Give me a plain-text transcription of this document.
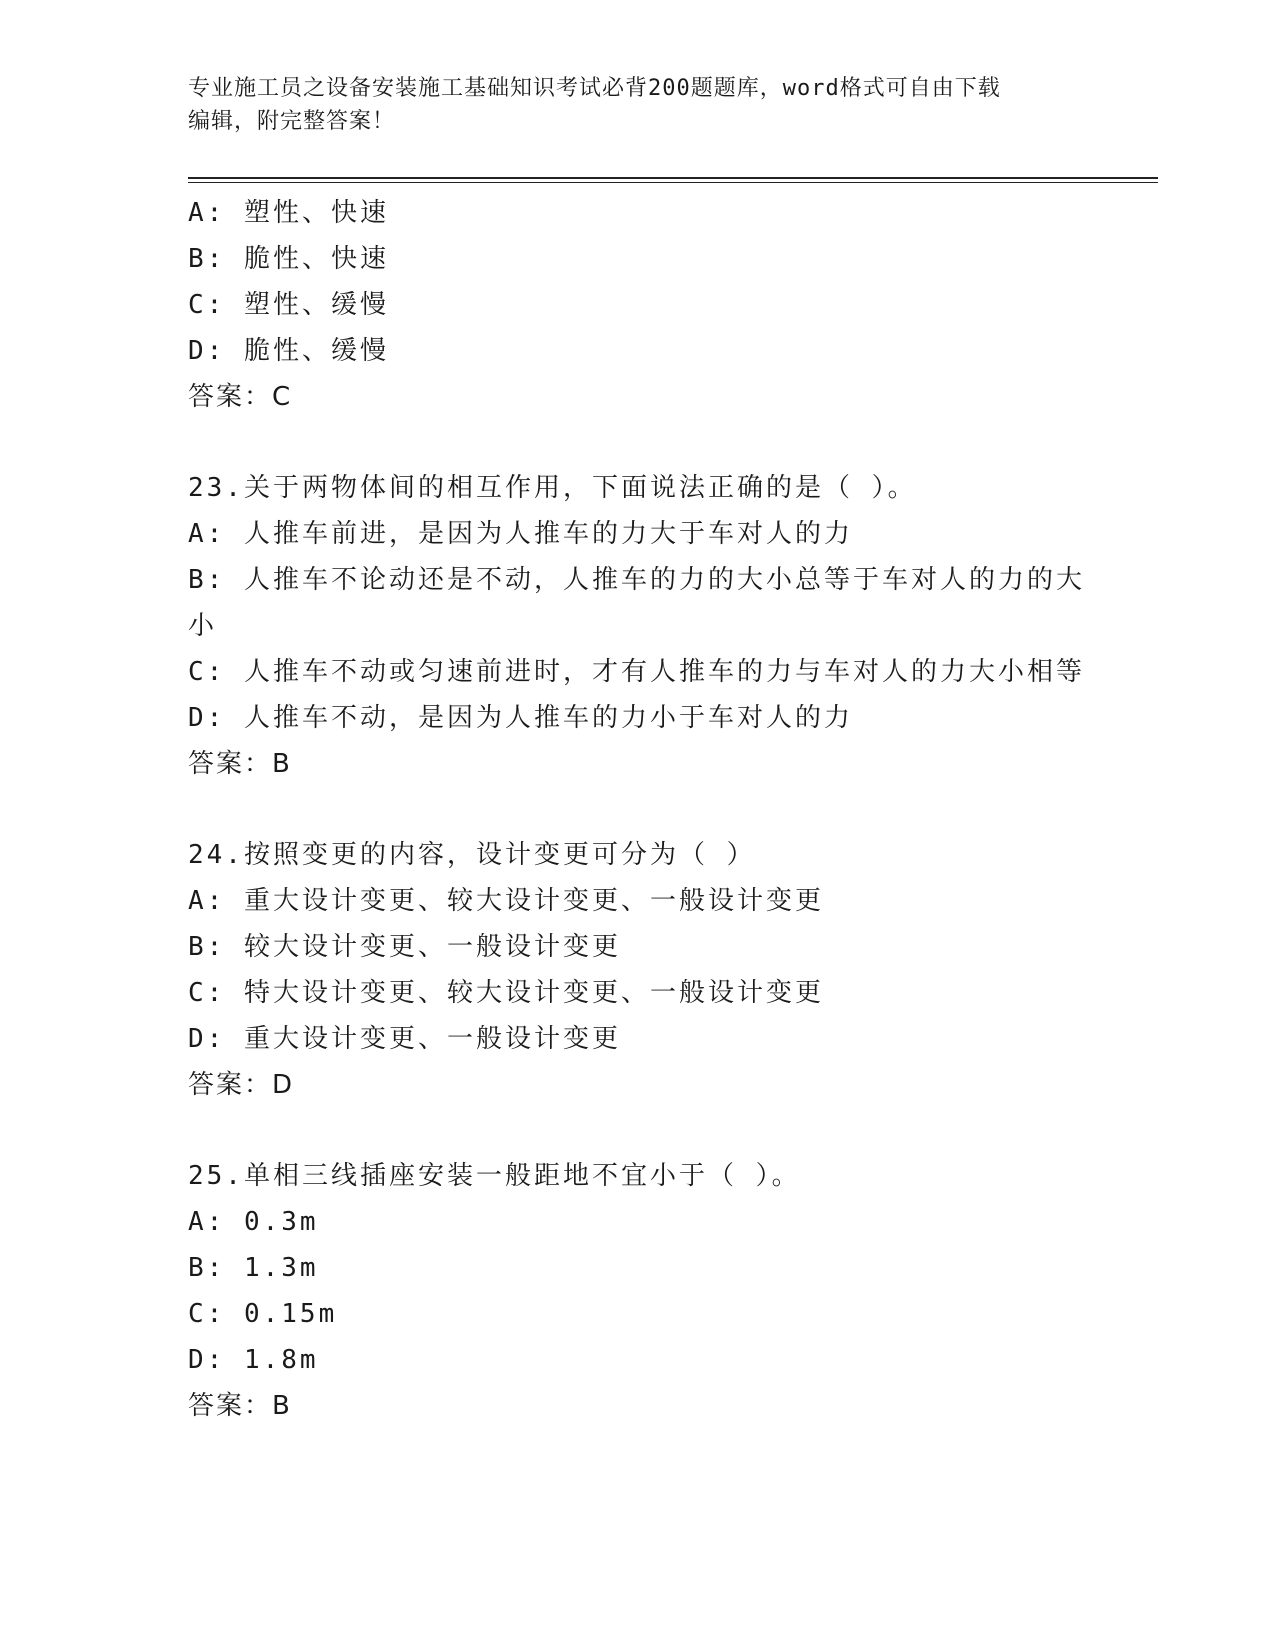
专业施工员之设备安装施工基础知识考试必背200题题库，word格式可自由下载
编辑，附完整答案！
A: 塑性、快速
B: 脆性、快速
C: 塑性、缓慢
D: 脆性、缓慢
答案：C
23.关于两物体间的相互作用，下面说法正确的是（ ）。
A: 人推车前进，是因为人推车的力大于车对人的力
B: 人推车不论动还是不动，人推车的力的大小总等于车对人的力的大
小
C: 人推车不动或匀速前进时，才有人推车的力与车对人的力大小相等
D: 人推车不动，是因为人推车的力小于车对人的力
答案：B
24.按照变更的内容，设计变更可分为（ ）
A: 重大设计变更、较大设计变更、一般设计变更
B: 较大设计变更、一般设计变更
C: 特大设计变更、较大设计变更、一般设计变更
D: 重大设计变更、一般设计变更
答案：D
25.单相三线插座安装一般距地不宜小于（ ）。
A: 0.3m
B: 1.3m
C: 0.15m
D: 1.8m
答案：B
